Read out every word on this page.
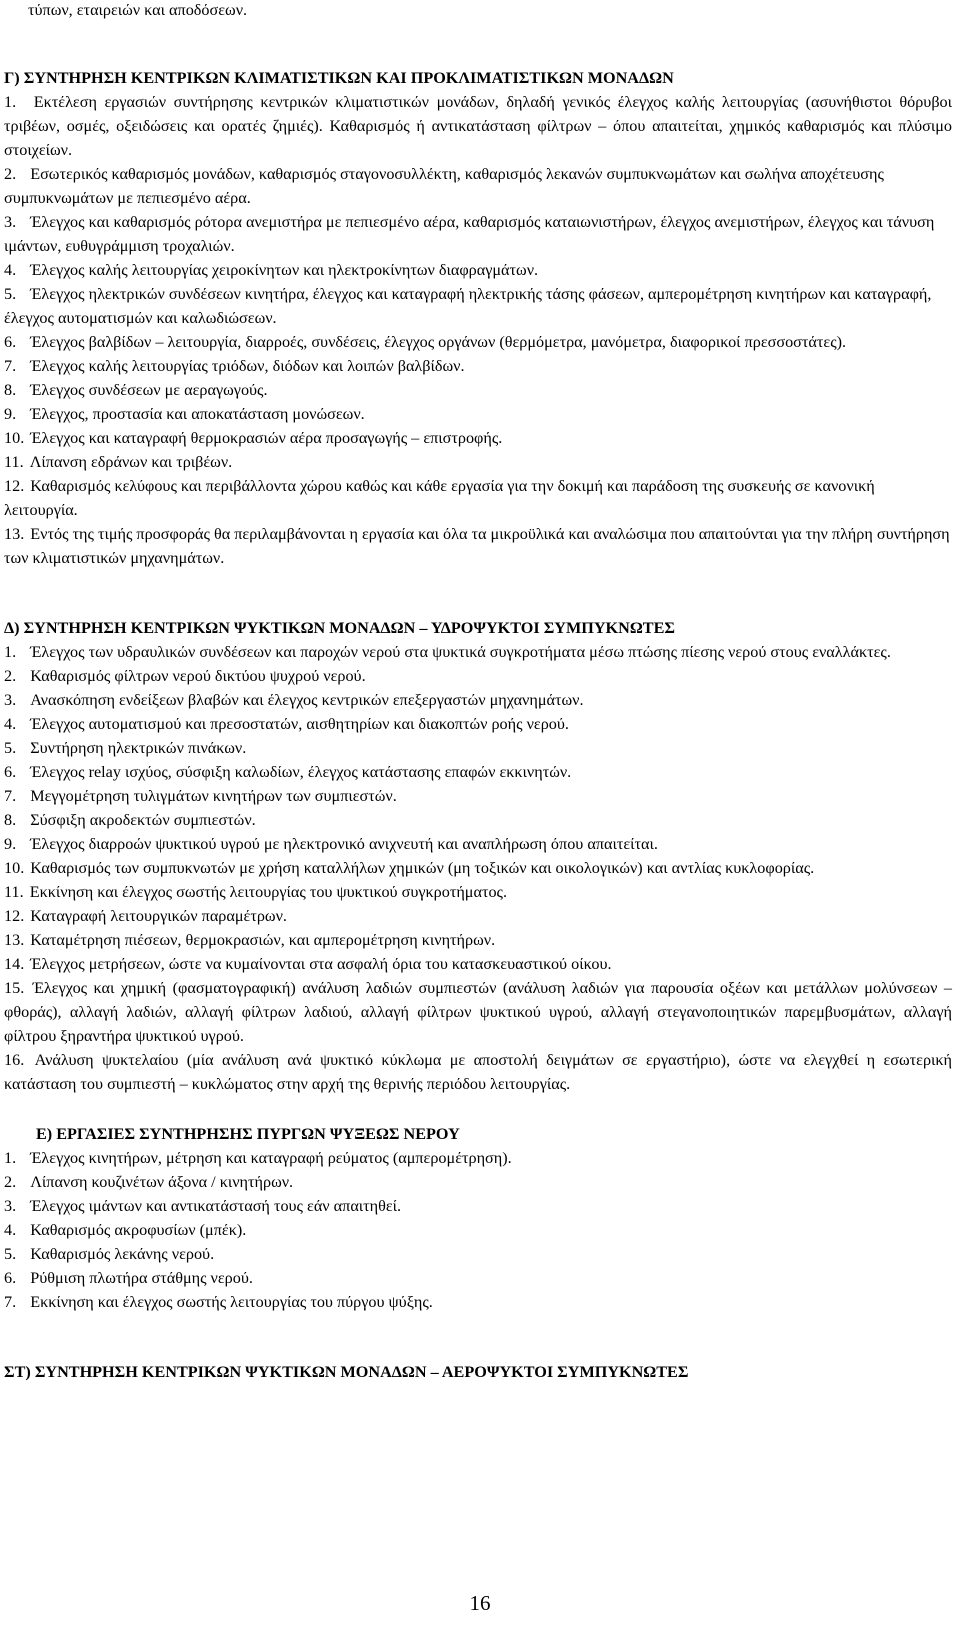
τύπων, εταιρειών και αποδόσεων.

Γ) ΣΥΝΤΗΡΗΣΗ ΚΕΝΤΡΙΚΩΝ ΚΛΙΜΑΤΙΣΤΙΚΩΝ ΚΑΙ ΠΡΟΚΛΙΜΑΤΙΣΤΙΚΩΝ ΜΟΝΑΔΩΝ

1. Εκτέλεση εργασιών συντήρησης κεντρικών κλιματιστικών μονάδων, δηλαδή γενικός έλεγχος καλής λειτουργίας (ασυνήθιστοι θόρυβοι τριβέων, οσμές, οξειδώσεις και ορατές ζημιές). Καθαρισμός ή αντικατάσταση φίλτρων – όπου απαιτείται, χημικός καθαρισμός και πλύσιμο στοιχείων.
2. Εσωτερικός καθαρισμός μονάδων, καθαρισμός σταγονοσυλλέκτη, καθαρισμός λεκανών συμπυκνωμάτων και σωλήνα αποχέτευσης συμπυκνωμάτων με πεπιεσμένο αέρα.
3. Έλεγχος και καθαρισμός ρότορα ανεμιστήρα με πεπιεσμένο αέρα, καθαρισμός καταιωνιστήρων, έλεγχος ανεμιστήρων, έλεγχος και τάνυση ιμάντων, ευθυγράμμιση τροχαλιών.
4. Έλεγχος καλής λειτουργίας χειροκίνητων και ηλεκτροκίνητων διαφραγμάτων.
5. Έλεγχος ηλεκτρικών συνδέσεων κινητήρα, έλεγχος και καταγραφή ηλεκτρικής τάσης φάσεων, αμπερομέτρηση κινητήρων και καταγραφή, έλεγχος αυτοματισμών και καλωδιώσεων.
6. Έλεγχος βαλβίδων – λειτουργία, διαρροές, συνδέσεις, έλεγχος οργάνων (θερμόμετρα, μανόμετρα, διαφορικοί πρεσσοστάτες).
7. Έλεγχος καλής λειτουργίας τριόδων, διόδων και λοιπών βαλβίδων.
8. Έλεγχος συνδέσεων με αεραγωγούς.
9. Έλεγχος, προστασία και αποκατάσταση μονώσεων.
10. Έλεγχος και καταγραφή θερμοκρασιών αέρα προσαγωγής – επιστροφής.
11. Λίπανση εδράνων και τριβέων.
12. Καθαρισμός κελύφους και περιβάλλοντα χώρου καθώς και κάθε εργασία για την δοκιμή και παράδοση της συσκευής σε κανονική λειτουργία.
13. Εντός της τιμής προσφοράς θα περιλαμβάνονται η εργασία και όλα τα μικροϋλικά και αναλώσιμα που απαιτούνται για την πλήρη συντήρηση των κλιματιστικών μηχανημάτων.

Δ) ΣΥΝΤΗΡΗΣΗ ΚΕΝΤΡΙΚΩΝ ΨΥΚΤΙΚΩΝ ΜΟΝΑΔΩΝ – ΥΔΡΟΨΥΚΤΟΙ ΣΥΜΠΥΚΝΩΤΕΣ

1. Έλεγχος των υδραυλικών συνδέσεων και παροχών νερού στα ψυκτικά συγκροτήματα μέσω πτώσης πίεσης νερού στους εναλλάκτες.
2. Καθαρισμός φίλτρων νερού δικτύου ψυχρού νερού.
3. Ανασκόπηση ενδείξεων βλαβών και έλεγχος κεντρικών επεξεργαστών μηχανημάτων.
4. Έλεγχος αυτοματισμού και πρεσοστατών, αισθητηρίων και διακοπτών ροής νερού.
5. Συντήρηση ηλεκτρικών πινάκων.
6. Έλεγχος relay ισχύος, σύσφιξη καλωδίων, έλεγχος κατάστασης επαφών εκκινητών.
7. Μεγγομέτρηση τυλιγμάτων κινητήρων των συμπιεστών.
8. Σύσφιξη ακροδεκτών συμπιεστών.
9. Έλεγχος διαρροών ψυκτικού υγρού με ηλεκτρονικό ανιχνευτή και αναπλήρωση όπου απαιτείται.
10. Καθαρισμός των συμπυκνωτών με χρήση καταλλήλων χημικών (μη τοξικών και οικολογικών) και αντλίας κυκλοφορίας.
11. Εκκίνηση και έλεγχος σωστής λειτουργίας του ψυκτικού συγκροτήματος.
12. Καταγραφή λειτουργικών παραμέτρων.
13. Καταμέτρηση πιέσεων, θερμοκρασιών, και αμπερομέτρηση κινητήρων.
14. Έλεγχος μετρήσεων, ώστε να κυμαίνονται στα ασφαλή όρια του κατασκευαστικού οίκου.
15. Έλεγχος και χημική (φασματογραφική) ανάλυση λαδιών συμπιεστών (ανάλυση λαδιών για παρουσία οξέων και μετάλλων μολύνσεων – φθοράς), αλλαγή λαδιών, αλλαγή φίλτρων λαδιού, αλλαγή φίλτρων ψυκτικού υγρού, αλλαγή στεγανοποιητικών παρεμβυσμάτων, αλλαγή φίλτρου ξηραντήρα ψυκτικού υγρού.
16. Ανάλυση ψυκτελαίου (μία ανάλυση ανά ψυκτικό κύκλωμα με αποστολή δειγμάτων σε εργαστήριο), ώστε να ελεγχθεί η εσωτερική κατάσταση του συμπιεστή – κυκλώματος στην αρχή της θερινής περιόδου λειτουργίας.

Ε) ΕΡΓΑΣΙΕΣ ΣΥΝΤΗΡΗΣΗΣ ΠΥΡΓΩΝ ΨΥΞΕΩΣ ΝΕΡΟΥ

1. Έλεγχος κινητήρων, μέτρηση και καταγραφή ρεύματος (αμπερομέτρηση).
2. Λίπανση κουζινέτων άξονα / κινητήρων.
3. Έλεγχος ιμάντων και αντικατάστασή τους εάν απαιτηθεί.
4. Καθαρισμός ακροφυσίων (μπέκ).
5. Καθαρισμός λεκάνης νερού.
6. Ρύθμιση πλωτήρα στάθμης νερού.
7. Εκκίνηση και έλεγχος σωστής λειτουργίας του πύργου ψύξης.

ΣΤ) ΣΥΝΤΗΡΗΣΗ ΚΕΝΤΡΙΚΩΝ ΨΥΚΤΙΚΩΝ ΜΟΝΑΔΩΝ – ΑΕΡΟΨΥΚΤΟΙ ΣΥΜΠΥΚΝΩΤΕΣ

16
